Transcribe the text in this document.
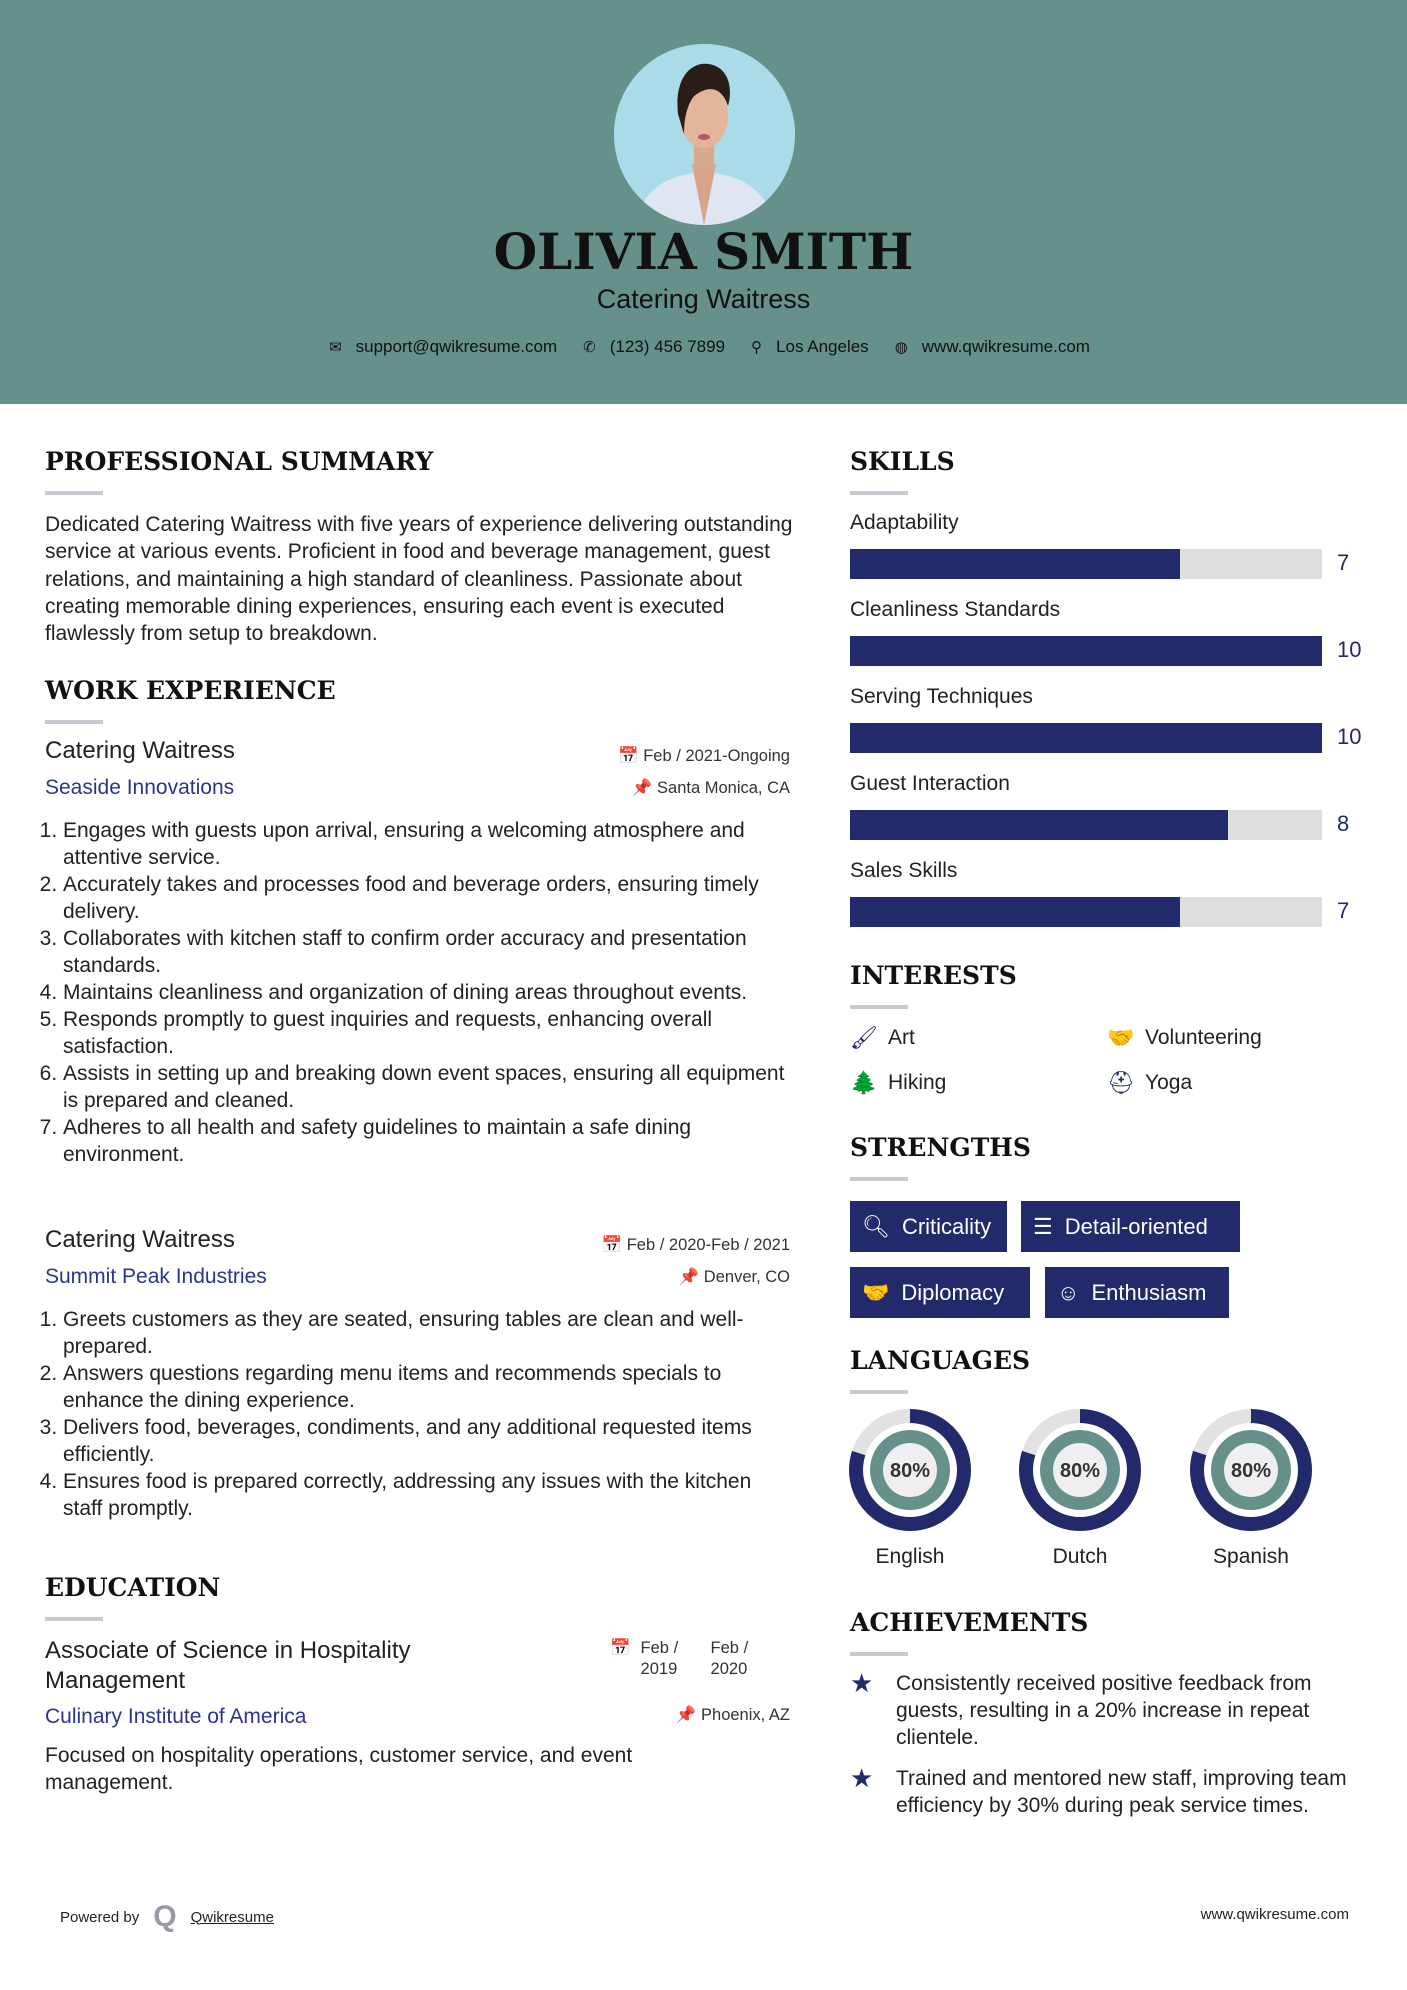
OLIVIA SMITH
Catering Waitress
✉ support@qwikresume.com ✆ (123) 456 7899 ⚲ Los Angeles ◍ www.qwikresume.com
PROFESSIONAL SUMMARY
Dedicated Catering Waitress with five years of experience delivering outstanding service at various events. Proficient in food and beverage management, guest relations, and maintaining a high standard of cleanliness. Passionate about creating memorable dining experiences, ensuring each event is executed flawlessly from setup to breakdown.
WORK EXPERIENCE
Catering Waitress
Seaside Innovations
📅 Feb / 2021-Ongoing
📌 Santa Monica, CA
1. Engages with guests upon arrival, ensuring a welcoming atmosphere and attentive service.
2. Accurately takes and processes food and beverage orders, ensuring timely delivery.
3. Collaborates with kitchen staff to confirm order accuracy and presentation standards.
4. Maintains cleanliness and organization of dining areas throughout events.
5. Responds promptly to guest inquiries and requests, enhancing overall satisfaction.
6. Assists in setting up and breaking down event spaces, ensuring all equipment is prepared and cleaned.
7. Adheres to all health and safety guidelines to maintain a safe dining environment.
Catering Waitress
Summit Peak Industries
📅 Feb / 2020-Feb / 2021
📌 Denver, CO
1. Greets customers as they are seated, ensuring tables are clean and well-prepared.
2. Answers questions regarding menu items and recommends specials to enhance the dining experience.
3. Delivers food, beverages, condiments, and any additional requested items efficiently.
4. Ensures food is prepared correctly, addressing any issues with the kitchen staff promptly.
EDUCATION
Associate of Science in Hospitality Management
📅 Feb / 2019
Feb / 2020
Culinary Institute of America	📌 Phoenix, AZ
Focused on hospitality operations, customer service, and event management.
SKILLS
Adaptability
7
Cleanliness Standards
10
Serving Techniques
10
Guest Interaction
8
Sales Skills
7
INTERESTS
🖌 Art	🤝 Volunteering
🌲 Hiking	⛑ Yoga
STRENGTHS
🔍︎ Criticality ☰ Detail-oriented
🤝 Diplomacy ☺ Enthusiasm
LANGUAGES
80%
English
80%
Dutch
80%
Spanish
ACHIEVEMENTS
★	Consistently received positive feedback from guests, resulting in a 20% increase in repeat clientele.
★	Trained and mentored new staff, improving team efficiency by 30% during peak service times.
Powered by Q Qwikresume	www.qwikresume.com
